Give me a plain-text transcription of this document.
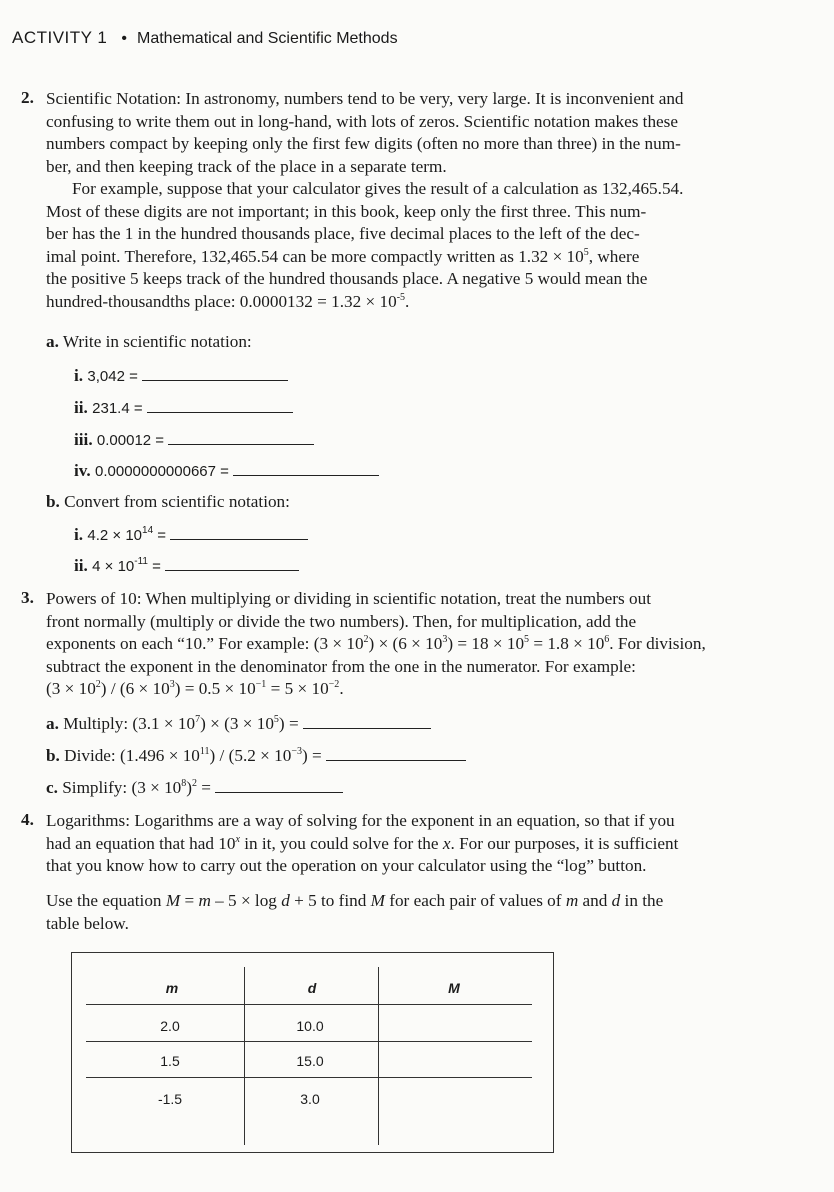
ACTIVITY 1 • Mathematical and Scientific Methods
2. Scientific Notation: In astronomy, numbers tend to be very, very large. It is inconvenient and
confusing to write them out in long-hand, with lots of zeros. Scientific notation makes these
numbers compact by keeping only the first few digits (often no more than three) in the num-
ber, and then keeping track of the place in a separate term.
For example, suppose that your calculator gives the result of a calculation as 132,465.54.
Most of these digits are not important; in this book, keep only the first three. This num-
ber has the 1 in the hundred thousands place, five decimal places to the left of the dec-
imal point. Therefore, 132,465.54 can be more compactly written as $1.32 \times 10^5$, where
the positive 5 keeps track of the hundred thousands place. A negative 5 would mean the
hundred-thousandths place: $0.0000132 = 1.32 \times 10^{-5}$.
a. Write in scientific notation:
i. 3,042 =
ii. 231.4 =
iii. 0.00012 =
iv. 0.0000000000667 =
b. Convert from scientific notation:
i. $4.2 \times 10^{14}$ =
ii. $4 \times 10^{-11}$ =
3. Powers of 10: When multiplying or dividing in scientific notation, treat the numbers out
front normally (multiply or divide the two numbers). Then, for multiplication, add the
exponents on each “10.” For example: $(3 \times 10^2) \times (6 \times 10^3) = 18 \times 10^5 = 1.8 \times 10^6$. For division,
subtract the exponent in the denominator from the one in the numerator. For example:
$(3 \times 10^2) / (6 \times 10^3) = 0.5 \times 10^{-1} = 5 \times 10^{-2}$.
a. Multiply: $(3.1 \times 10^7) \times (3 \times 10^5)$ =
b. Divide: $(1.496 \times 10^{11}) / (5.2 \times 10^{-3})$ =
c. Simplify: $(3 \times 10^8)^2$ =
4. Logarithms: Logarithms are a way of solving for the exponent in an equation, so that if you
had an equation that had 10$^x$ in it, you could solve for the x. For our purposes, it is sufficient
that you know how to carry out the operation on your calculator using the “log” button.
Use the equation M = m – 5 × log d + 5 to find M for each pair of values of m and d in the
table below.
m	d	M
2.0	10.0
1.5	15.0
-1.5	3.0
